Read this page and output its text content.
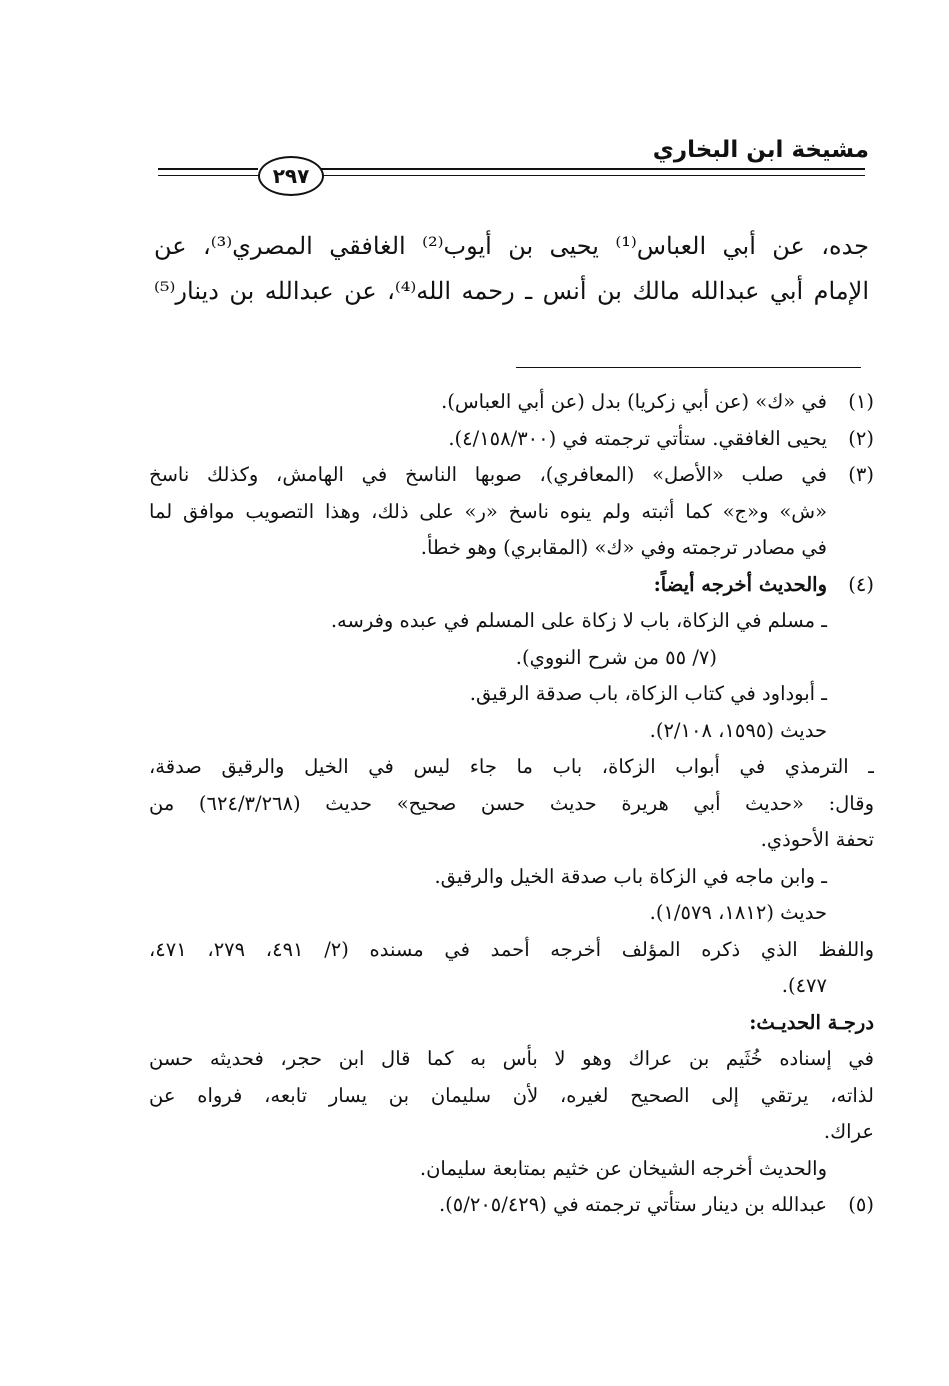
مشيخة ابن البخاري
٢٩٧
جده، عن أبي العباس⁽¹⁾ يحيى بن أيوب⁽²⁾ الغافقي المصري⁽³⁾، عن
الإمام أبي عبدالله مالك بن أنس ـ رحمه الله⁽⁴⁾، عن عبدالله بن دينار⁽⁵⁾
(١)
في «ك» (عن أبي زكريا) بدل (عن أبي العباس).
(٢)
يحيى الغافقي. ستأتي ترجمته في (٤/١٥٨/٣٠٠).
(٣)
في صلب «الأصل» (المعافري)، صوبها الناسخ في الهامش، وكذلك ناسخ
«ش» و«ج» كما أثبته ولم ينوه ناسخ «ر» على ذلك، وهذا التصويب موافق لما
في مصادر ترجمته وفي «ك» (المقابري) وهو خطأ.
(٤)
والحديث أخرجه أيضاً:
ـ مسلم في الزكاة، باب لا زكاة على المسلم في عبده وفرسه.
(٧/ ٥٥ من شرح النووي).
ـ أبوداود في كتاب الزكاة، باب صدقة الرقيق.
حديث (١٥٩٥، ٢/١٠٨).
ـ الترمذي في أبواب الزكاة، باب ما جاء ليس في الخيل والرقيق صدقة،
وقال: «حديث أبي هريرة حديث حسن صحيح» حديث (٦٢٤/٣/٢٦٨) من
تحفة الأحوذي.
ـ وابن ماجه في الزكاة باب صدقة الخيل والرقيق.
حديث (١٨١٢، ١/٥٧٩).
واللفظ الذي ذكره المؤلف أخرجه أحمد في مسنده (٢/ ٤٩١، ٢٧٩، ٤٧١،
٤٧٧).
درجـة الحديـث:
في إسناده خُثَيم بن عراك وهو لا بأس به كما قال ابن حجر، فحديثه حسن
لذاته، يرتقي إلى الصحيح لغيره، لأن سليمان بن يسار تابعه، فرواه عن
عراك.
والحديث أخرجه الشيخان عن خثيم بمتابعة سليمان.
(٥)
عبدالله بن دينار ستأتي ترجمته في (٥/٢٠٥/٤٢٩).
